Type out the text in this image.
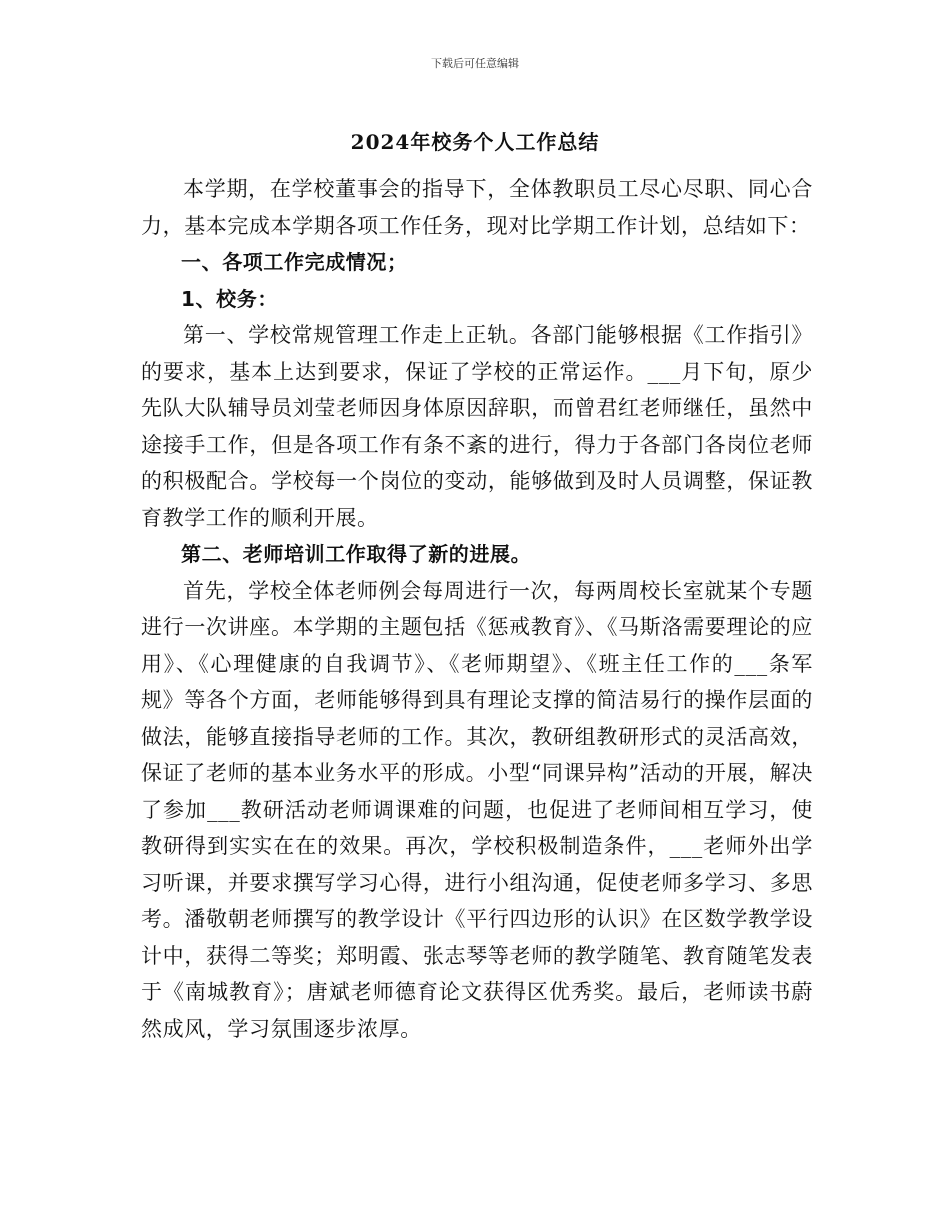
下载后可任意编辑
2024年校务个人工作总结

本学期，在学校董事会的指导下，全体教职员工尽心尽职、同心合力，基本完成本学期各项工作任务，现对比学期工作计划，总结如下：

一、各项工作完成情况；

1、校务：

第一、学校常规管理工作走上正轨。各部门能够根据《工作指引》的要求，基本上达到要求，保证了学校的正常运作。___月下旬，原少先队大队辅导员刘莹老师因身体原因辞职，而曾君红老师继任，虽然中途接手工作，但是各项工作有条不紊的进行，得力于各部门各岗位老师的积极配合。学校每一个岗位的变动，能够做到及时人员调整，保证教育教学工作的顺利开展。

第二、老师培训工作取得了新的进展。

首先，学校全体老师例会每周进行一次，每两周校长室就某个专题进行一次讲座。本学期的主题包括《惩戒教育》、《马斯洛需要理论的应用》、《心理健康的自我调节》、《老师期望》、《班主任工作的___条军规》等各个方面，老师能够得到具有理论支撑的简洁易行的操作层面的做法，能够直接指导老师的工作。其次，教研组教研形式的灵活高效，保证了老师的基本业务水平的形成。小型“同课异构”活动的开展，解决了参加___教研活动老师调课难的问题，也促进了老师间相互学习，使教研得到实实在在的效果。再次，学校积极制造条件，___老师外出学习听课，并要求撰写学习心得，进行小组沟通，促使老师多学习、多思考。潘敬朝老师撰写的教学设计《平行四边形的认识》在区数学教学设计中，获得二等奖；郑明霞、张志琴等老师的教学随笔、教育随笔发表于《南城教育》；唐斌老师德育论文获得区优秀奖。最后，老师读书蔚然成风，学习氛围逐步浓厚。
